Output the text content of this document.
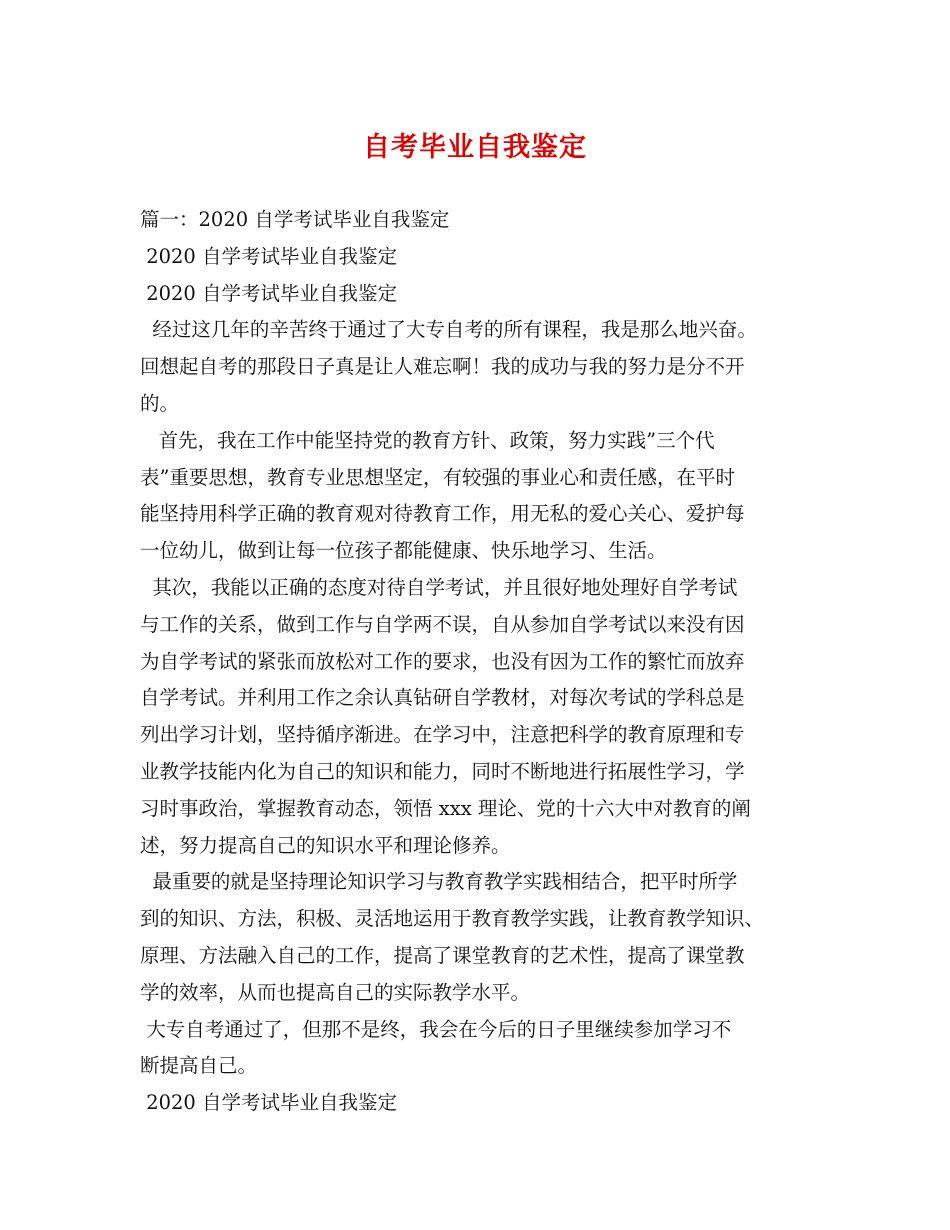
自考毕业自我鉴定
篇一：2020 自学考试毕业自我鉴定
2020 自学考试毕业自我鉴定
2020 自学考试毕业自我鉴定
经过这几年的辛苦终于通过了大专自考的所有课程，我是那么地兴奋。
回想起自考的那段日子真是让人难忘啊！我的成功与我的努力是分不开
的。
首先，我在工作中能坚持党的教育方针、政策，努力实践”三个代
表”重要思想，教育专业思想坚定，有较强的事业心和责任感，在平时
能坚持用科学正确的教育观对待教育工作，用无私的爱心关心、爱护每
一位幼儿，做到让每一位孩子都能健康、快乐地学习、生活。
其次，我能以正确的态度对待自学考试，并且很好地处理好自学考试
与工作的关系，做到工作与自学两不误，自从参加自学考试以来没有因
为自学考试的紧张而放松对工作的要求，也没有因为工作的繁忙而放弃
自学考试。并利用工作之余认真钻研自学教材，对每次考试的学科总是
列出学习计划，坚持循序渐进。在学习中，注意把科学的教育原理和专
业教学技能内化为自己的知识和能力，同时不断地进行拓展性学习，学
习时事政治，掌握教育动态，领悟 xxx 理论、党的十六大中对教育的阐
述，努力提高自己的知识水平和理论修养。
最重要的就是坚持理论知识学习与教育教学实践相结合，把平时所学
到的知识、方法，积极、灵活地运用于教育教学实践，让教育教学知识、
原理、方法融入自己的工作，提高了课堂教育的艺术性，提高了课堂教
学的效率，从而也提高自己的实际教学水平。
大专自考通过了，但那不是终，我会在今后的日子里继续参加学习不
断提高自己。
2020 自学考试毕业自我鉴定
